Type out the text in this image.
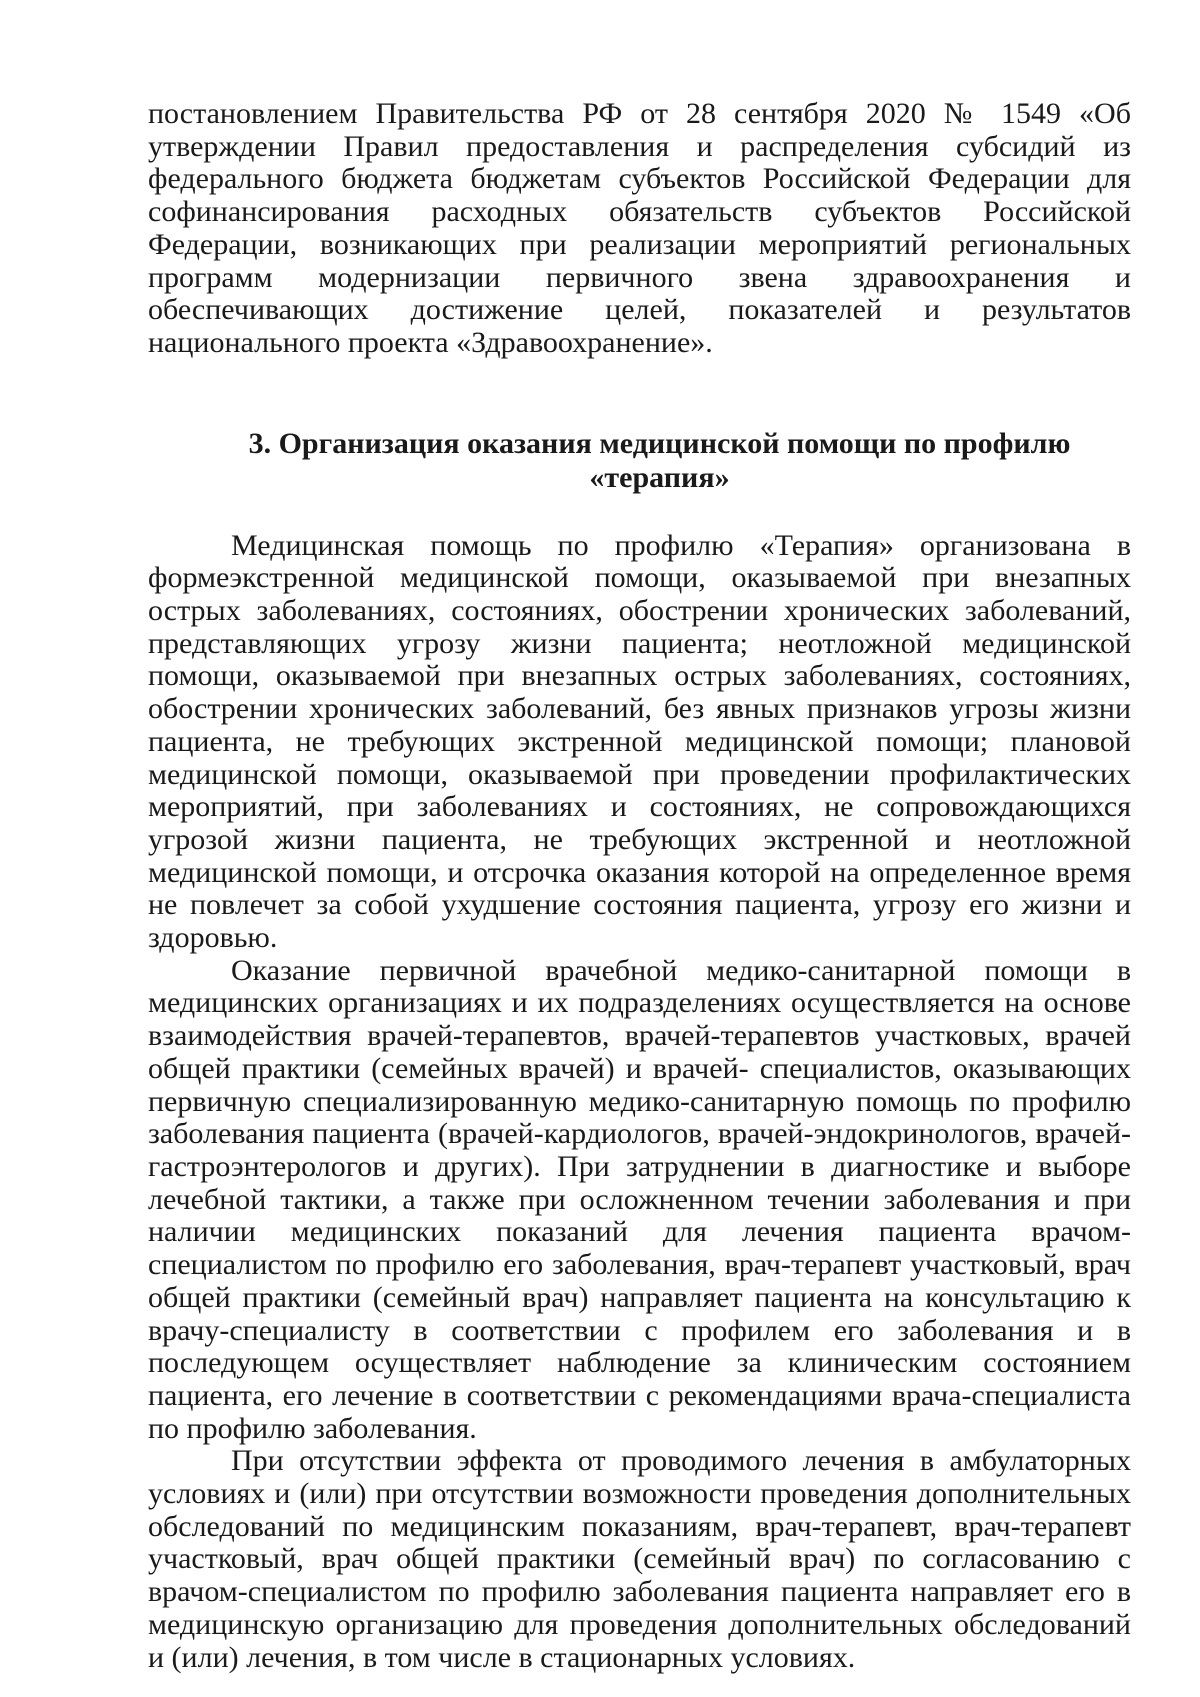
постановлением Правительства РФ от 28 сентября 2020 № 1549 «Об утверждении Правил предоставления и распределения субсидий из федерального бюджета бюджетам субъектов Российской Федерации для софинансирования расходных обязательств субъектов Российской Федерации, возникающих при реализации мероприятий региональных программ модернизации первичного звена здравоохранения и обеспечивающих достижение целей, показателей и результатов национального проекта «Здравоохранение».

3. Организация оказания медицинской помощи по профилю
«терапия»

Медицинская помощь по профилю «Терапия» организована в формеэкстренной медицинской помощи, оказываемой при внезапных острых заболеваниях, состояниях, обострении хронических заболеваний, представляющих угрозу жизни пациента; неотложной медицинской помощи, оказываемой при внезапных острых заболеваниях, состояниях, обострении хронических заболеваний, без явных признаков угрозы жизни пациента, не требующих экстренной медицинской помощи; плановой медицинской помощи, оказываемой при проведении профилактических мероприятий, при заболеваниях и состояниях, не сопровождающихся угрозой жизни пациента, не требующих экстренной и неотложной медицинской помощи, и отсрочка оказания которой на определенное время не повлечет за собой ухудшение состояния пациента, угрозу его жизни и здоровью.

Оказание первичной врачебной медико-санитарной помощи в медицинских организациях и их подразделениях осуществляется на основе взаимодействия врачей-терапевтов, врачей-терапевтов участковых, врачей общей практики (семейных врачей) и врачей- специалистов, оказывающих первичную специализированную медико-санитарную помощь по профилю заболевания пациента (врачей-кардиологов, врачей-эндокринологов, врачей-гастроэнтерологов и других). При затруднении в диагностике и выборе лечебной тактики, а также при осложненном течении заболевания и при наличии медицинских показаний для лечения пациента врачом-специалистом по профилю его заболевания, врач-терапевт участковый, врач общей практики (семейный врач) направляет пациента на консультацию к врачу-специалисту в соответствии с профилем его заболевания и в последующем осуществляет наблюдение за клиническим состоянием пациента, его лечение в соответствии с рекомендациями врача-специалиста по профилю заболевания.

При отсутствии эффекта от проводимого лечения в амбулаторных условиях и (или) при отсутствии возможности проведения дополнительных обследований по медицинским показаниям, врач-терапевт, врач-терапевт участковый, врач общей практики (семейный врач) по согласованию с врачом-специалистом по профилю заболевания пациента направляет его в медицинскую организацию для проведения дополнительных обследований и (или) лечения, в том числе в стационарных условиях.
